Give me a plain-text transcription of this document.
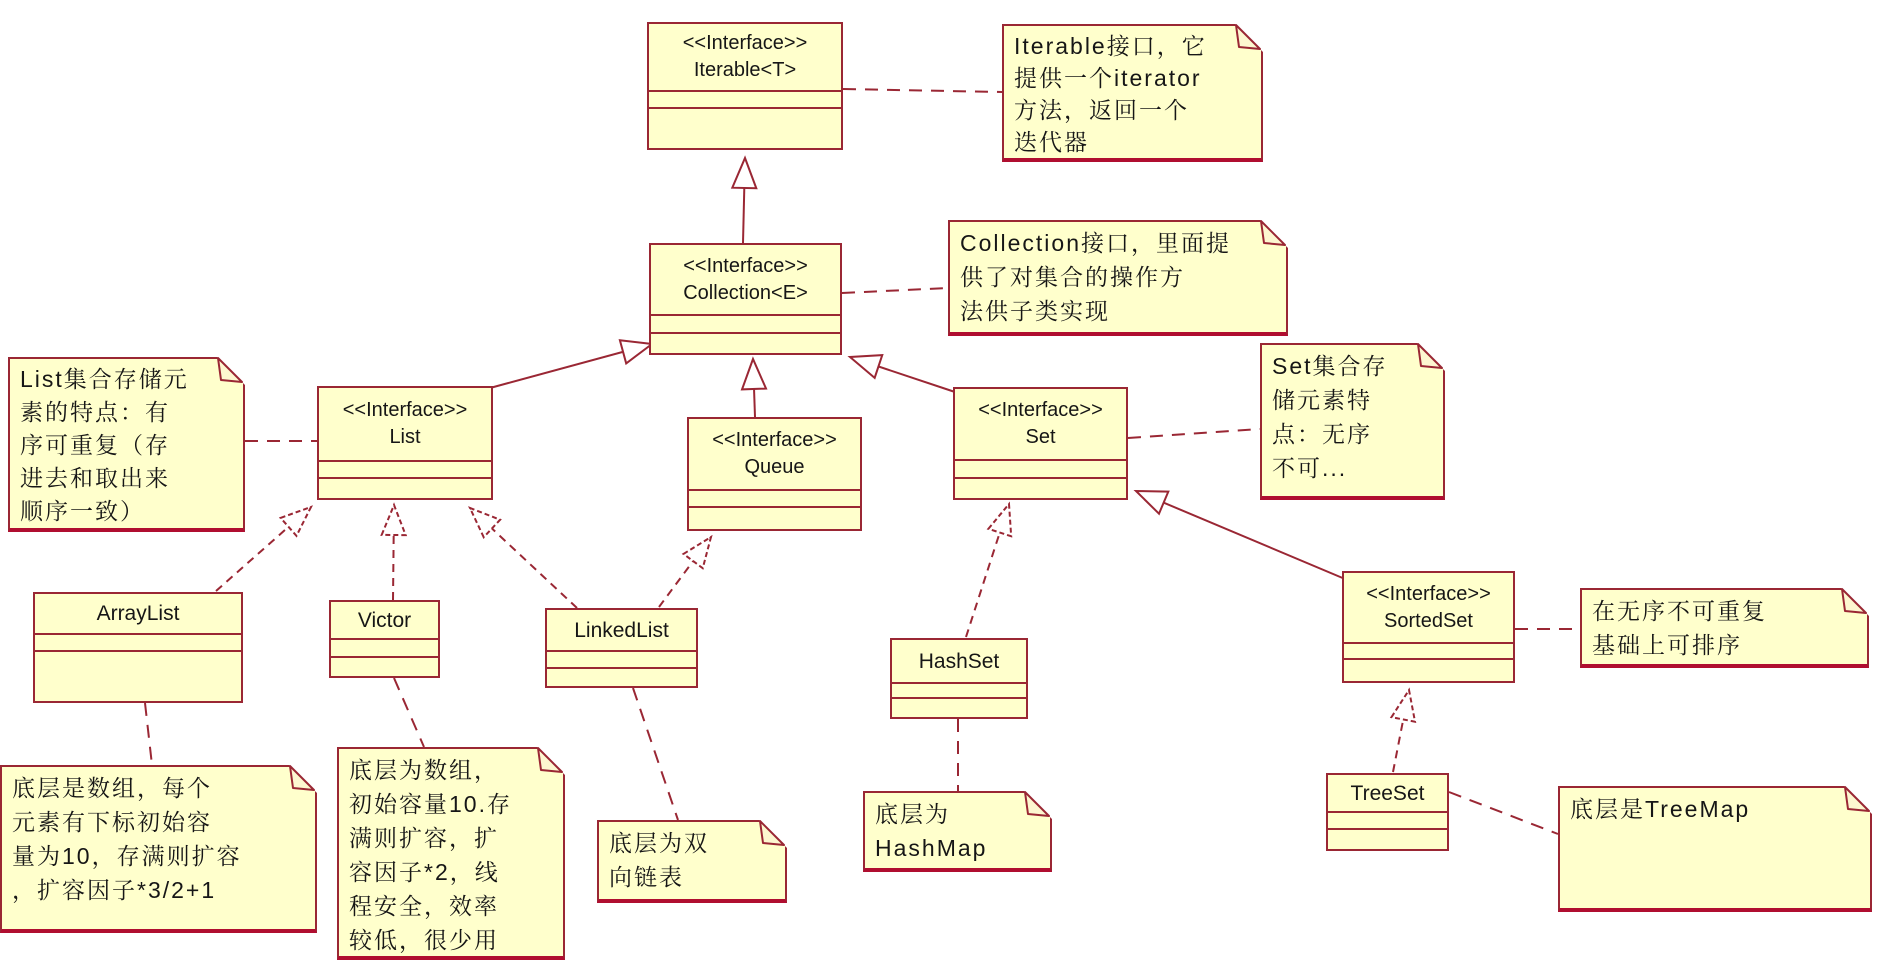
<<Interface>>
Iterable<T>
<<Interface>>
Collection<E>
<<Interface>>
List	<<Interface>>
Queue
<<Interface>>
Set
<<Interface>>
SortedSet
ArrayList	Victor	LinkedList
HashSet
TreeSet
Iterable接口，它
提供一个iterator
方法，返回一个
迭代器
Collection接口，里面提
供了对集合的操作方
法供子类实现
List集合存储元
素的特点：有
序可重复（存
进去和取出来
顺序一致）
Set集合存
储元素特
点：无序
不可...
底层是数组，每个
元素有下标初始容
量为10，存满则扩容
，扩容因子*3/2+1
底层为数组，
初始容量10.存
满则扩容，扩
容因子*2，线
程安全，效率
较低，很少用
底层为双
向链表
底层为
HashMap
在无序不可重复
基础上可排序
底层是TreeMap
